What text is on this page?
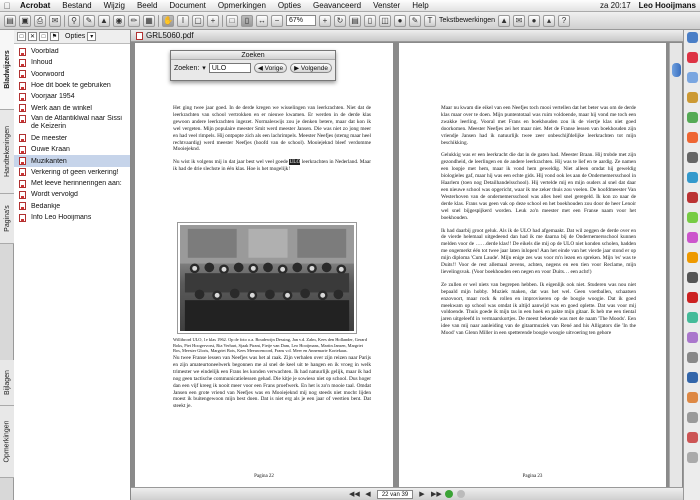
Acrobat	Bestand	Wijzig	Beeld	Document	Opmerkingen	Opties	Geavanceerd	Venster	Help	za 20:17	Leo Hooijmans
▤ ▣	⎙	✉	⚲	✎ ▲ ◉	✏ ▦ ✋	I	▢	+	□	▯	↔	−	67%	+	↻ ▤	▯	◫	●	✎	T Tekstbewerkingen ▲ ✉	●	▴	?
Bladwijzers
Handtekeningen
Pagina's
Bijlagen
Opmerkingen
□	✕	□	⚑ Opties ▾
Voorblad
Inhoud
Voorwoord
Hoe dit boek te gebruiken
Voorjaar 1954
Werk aan de winkel
Van de Atlantiklwal naar Sissi de Keizerin
De meester
Ouwe Kraan
Muzikanten
Verkering of geen verkering!
Met leeve herinneringen aan:
Wordt vervolgd
Bedankje
Info Leo Hooijmans
GRL5060.pdf

Het ging twee jaar goed. In de derde kregen we wisselingen van leerkrachten. Niet dat de leerkrachten van school vertrokken en er nieuwe kwamen. Er werden in de derde klas gewoon andere leerkrachten ingezet. Normaleswijs zou je denken betere, maar dat kon ik wel vergeten. Mijn populaire meester Smit werd meester Jansen. Die was niet zo jong meer en had veel rimpels. Hij ontpopte zich als een lachrimpels. Meester Neefjes (stemg maar heel rechtvaardig) werd meester Neefjes (hoofd van de school). Mooiejeknd bleef verdomme Mooiejeknd.

Nu wist ik volgens mij in dat jaar best wel veel goede ULO leerkrachten in Nederland. Maar ik had de drie slechste in één klas. Hoe is het mogelijk!

Willibrord ULO, 1e klas 1962. Op de foto o.a. Boudewijn Dessing, Jan v.d. Zalm, Kees den Hollander, Gerard Boks, Piet Hoogervorst, Ria Verhart, Sjaak Pirant, Fietje van Dam, Leo Hooijmans, Martin Jansen, Margriet Bos, Meester Gloris, Margriet Bots, Kees Meeuwenoord, Frans v.d. Meer en Annemarie Kortekaas.

Nu twee Franse lessen van Neefjes was het al raak. Zijn verhalen over zijn reizen naar Parijs en zijn amateurtoneelwerk begonnen me al snel de keel uit te hangen en ik vroeg in welk trimester we eindelijk een Frans les konden verwachten. Ik had natuurlijk gelijk, maar ik had nog geen tactische communicatielessen gehad. Die kitje je sowieso niet op school. Dus hoger dan een vijf kreeg ik nooit meer voor een Frans proefwerk. En het is zo'n mooie taal. Omdat Jansen een grote vriend van Neefjes was en Mooiejeknd mij nog steeds niet mocht lijden moest ik buitengewoon mijn best doen. Dat is niet erg als je een jaar of veertien bent. Dat steekt je.

Pagina 22

Maar nu kwam die eikel van een Neefjes toch mooi vertellen dat het beter was om de derde klas maar over te doen. Mijn puntentotaal was ruim voldoende, maar hij vond me toch een zwakke leerling. Vooral met Frans en boekhouden zou ik de viertje klas niet goed doorkomen. Meester Neefjes zei het maar niet. Met de Franse lessen van boekhouden zijn vriendje Jansen had ik natuurlijk twee zeer onbeschijfdelijke leerkrachten tot mijn beschikking.

Gelukkig was er een leerkracht die dat in de gaten had. Meester Braan. Hij trobde met zijn gezondheid, de leerlingen en de andere leerkrachten. Hij was te lief en te aardig. Ze namen een loopje met hem, maar ik vond hem geweldig. Niet alleen omdat hij geweldig biologieles gaf, maar hij was een echte gids. Hij vond ook les aan de Ondernemersschool in Haarlem (toen nog Detailhandelsschool). Hij vertelde mij en mijn ouders al snel dat daar een nieuwe school was opgericht, waar ik me zeker thuis zou voelen. De hoofdmeester Van Westerhoven van de ondernemersschool was alles heel snel geregeld. Ik kon zo naar de derde klas. Frans was geen vak op deze school en het boekhouden zou door de heer Lenoir wel snel bijgespijkerd worden. Leuk zo'n meester met een Franse naam voor het boekhouden.

Ik had daarbij groot geluk. Als ik de ULO had afgemaakt. Dat wil zeggen de derde over en de vierde helemaal uitgedeend dan had ik me daarna bij de Ondernemersschool kunnen melden voor de ……derde klas!! De eikels die mij op de ULO niet konden scholen, hadden me ongemerkt één tot twee jaar laten inlopen! Aan het einde van het vierde jaar stond er op mijn diploma 'Cum Laude'. Mijn enige zes was voor m'n lezen en spreken. Mijn 'es' was te Duits!! Voor de rest allemaal zevens, achten, negens en een tien voor Reclame, mijn lievelingsvak. (Voor boekhouden een negen en voor Duits… een acht!)

Ze zullen er wel niets van begrepen hebben. Ik eigenlijk ook niet. Studeren was nou niet bepaald mijn hobby. Muziek maken, dat was het wel. Geen voetballen, schaatsen enzovoort, maar rock & rollen en improviseren op de boogie woogie. Dat ik goed meekwam op school was omdat ik altijd aanwijd was en goed oplette. Dat was voor mij voldoende. Thuis goede ik mijn tas in een hoek en pakte mijn gitaar. Ik heb me een tiental jaren uitgeleefd in vermaarskortjes. De meest bekende was met de naam 'The Moods'. Een idee van mij naar aanleiding van de gitaarmuziek van René and his Alligators die 'In the Mood' van Glenn Miller in een spetterende boogie woogie uitvoering ten gehore

Pagina 23
◀◀ ◀	22 van 39	▶ ▶▶
Zoeken
Zoeken: ▾ ULO	◀ Vorige	▶ Volgende
